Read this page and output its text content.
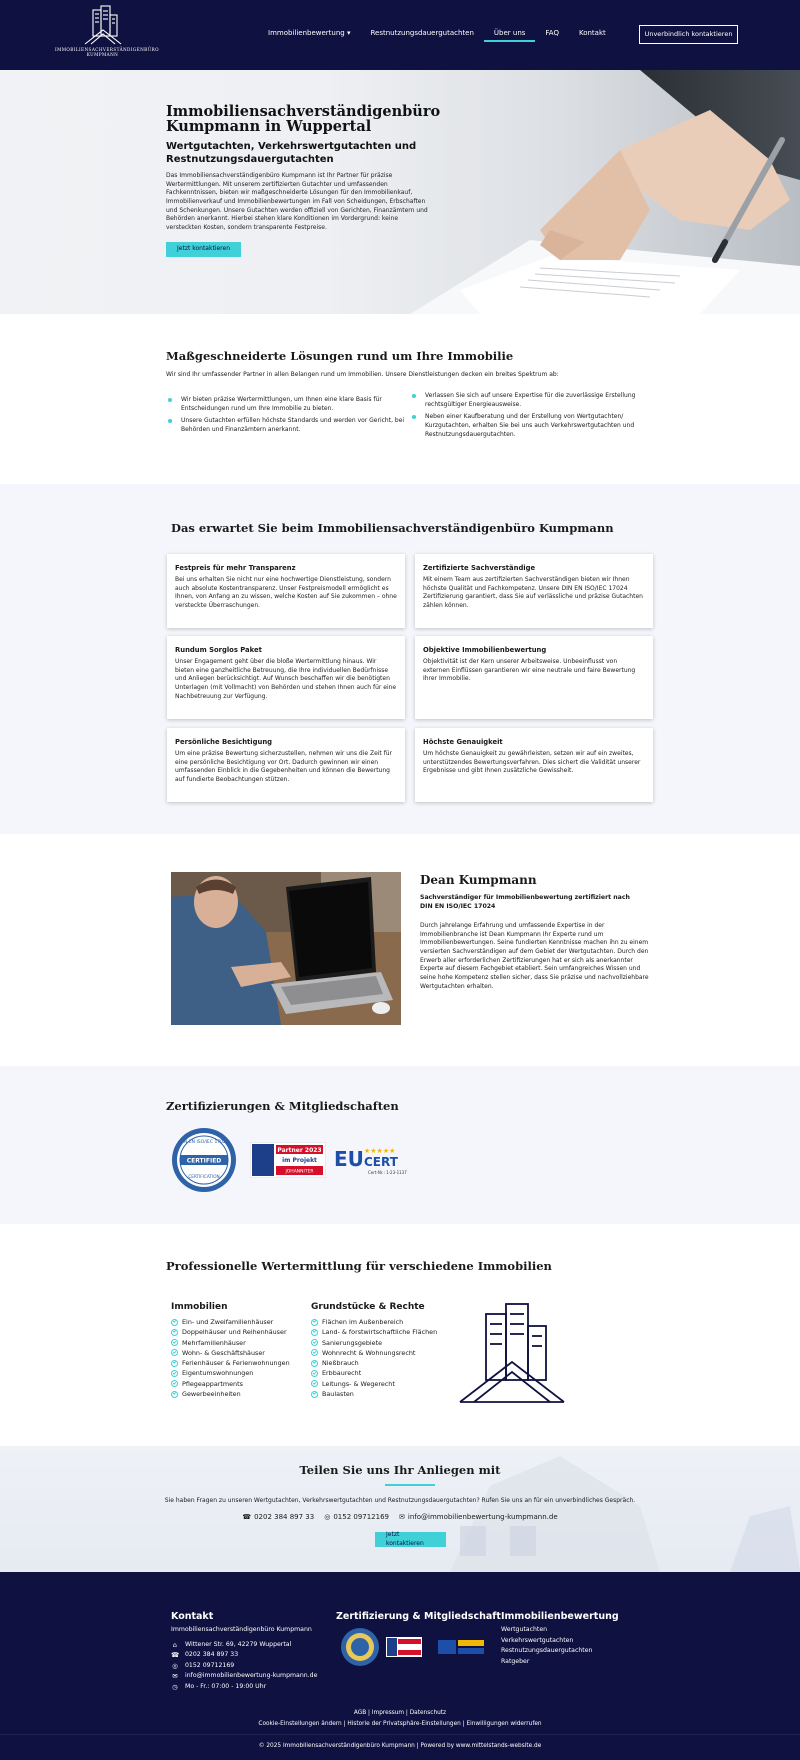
IMMOBILIENSACHVERSTÄNDIGENBÜRO
KUMPMANN
Immobilienbewertung ▾	Restnutzungsdauergutachten	Über uns	FAQ	Kontakt	Unverbindlich kontaktieren
Immobiliensachverständigenbüro Kumpmann in Wuppertal
Wertgutachten, Verkehrswertgutachten und Restnutzungsdauergutachten

Das Immobiliensachverständigenbüro Kumpmann ist Ihr Partner für präzise Wertermittlungen. Mit unserem zertifizierten Gutachter und umfassenden Fachkenntnissen, bieten wir maßgeschneiderte Lösungen für den Immobilienkauf, Immobilienverkauf und Immobilienbewertungen im Fall von Scheidungen, Erbschaften und Schenkungen. Unsere Gutachten werden offiziell von Gerichten, Finanzämtern und Behörden anerkannt. Hierbei stehen klare Konditionen im Vordergrund: keine versteckten Kosten, sondern transparente Festpreise.

Jetzt kontaktieren
Maßgeschneiderte Lösungen rund um Ihre Immobilie
Wir sind Ihr umfassender Partner in allen Belangen rund um Immobilien. Unsere Dienstleistungen decken ein breites Spektrum ab:
Wir bieten präzise Wertermittlungen, um Ihnen eine klare Basis für Entscheidungen rund um Ihre Immobilie zu bieten.
Unsere Gutachten erfüllen höchste Standards und werden vor Gericht, bei Behörden und Finanzämtern anerkannt.
Verlassen Sie sich auf unsere Expertise für die zuverlässige Erstellung rechtsgültiger Energieausweise.
Neben einer Kaufberatung und der Erstellung von Wertgutachten/ Kurzgutachten, erhalten Sie bei uns auch Verkehrswertgutachten und Restnutzungsdauergutachten.
Das erwartet Sie beim Immobiliensachverständigenbüro Kumpmann
Festpreis für mehr Transparenz
Bei uns erhalten Sie nicht nur eine hochwertige Dienstleistung, sondern auch absolute Kostentransparenz. Unser Festpreismodell ermöglicht es Ihnen, von Anfang an zu wissen, welche Kosten auf Sie zukommen – ohne versteckte Überraschungen.
Zertifizierte Sachverständige
Mit einem Team aus zertifizierten Sachverständigen bieten wir Ihnen höchste Qualität und Fachkompetenz. Unsere DIN EN ISO/IEC 17024 Zertifizierung garantiert, dass Sie auf verlässliche und präzise Gutachten zählen können.
Rundum Sorglos Paket
Unser Engagement geht über die bloße Wertermittlung hinaus. Wir bieten eine ganzheitliche Betreuung, die Ihre individuellen Bedürfnisse und Anliegen berücksichtigt. Auf Wunsch beschaffen wir die benötigten Unterlagen (mit Vollmacht) von Behörden und stehen Ihnen auch für eine Nachbetreuung zur Verfügung.
Objektive Immobilienbewertung
Objektivität ist der Kern unserer Arbeitsweise. Unbeeinflusst von externen Einflüssen garantieren wir eine neutrale und faire Bewertung Ihrer Immobilie.
Persönliche Besichtigung
Um eine präzise Bewertung sicherzustellen, nehmen wir uns die Zeit für eine persönliche Besichtigung vor Ort. Dadurch gewinnen wir einen umfassenden Einblick in die Gegebenheiten und können die Bewertung auf fundierte Beobachtungen stützen.
Höchste Genauigkeit
Um höchste Genauigkeit zu gewährleisten, setzen wir auf ein zweites, unterstützendes Bewertungsverfahren. Dies sichert die Validität unserer Ergebnisse und gibt Ihnen zusätzliche Gewissheit.
Dean Kumpmann
Sachverständiger für Immobilienbewertung zertifiziert nach DIN EN ISO/IEC 17024
Durch jahrelange Erfahrung und umfassende Expertise in der Immobilienbranche ist Dean Kumpmann Ihr Experte rund um Immobilienbewertungen. Seine fundierten Kenntnisse machen ihn zu einem versierten Sachverständigen auf dem Gebiet der Wertgutachten. Durch den Erwerb aller erforderlichen Zertifizierungen hat er sich als anerkannter Experte auf diesem Fachgebiet etabliert. Sein umfangreiches Wissen und seine hohe Kompetenz stellen sicher, dass Sie präzise und nachvollziehbare Wertgutachten erhalten.
Zertifizierungen & Mitgliedschaften
DIN EN ISO/IEC 17024
CERTIFIED
CERTIFICATION
Partner 2023
im Projekt
JOHANNITER
EU ★★★★★
CERT
Cert-Nr.: 1-23-1137
Professionelle Wertermittlung für verschiedene Immobilien
Immobilien
Ein- und Zweifamilienhäuser
Doppelhäuser und Reihenhäuser
Mehrfamilienhäuser
Wohn- & Geschäftshäuser
Ferienhäuser & Ferienwohnungen
Eigentumswohnungen
Pflegeappartments
Gewerbeeinheiten
Grundstücke & Rechte
Flächen im Außenbereich
Land- & forstwirtschaftliche Flächen
Sanierungsgebiete
Wohnrecht & Wohnungsrecht
Nießbrauch
Erbbaurecht
Leitungs- & Wegerecht
Baulasten
Teilen Sie uns Ihr Anliegen mit
Sie haben Fragen zu unseren Wertgutachten, Verkehrswertgutachten und Restnutzungsdauergutachten? Rufen Sie uns an für ein unverbindliches Gespräch.
☎ 0202 384 897 33 ◎ 0152 09712169 ✉ info@immobilienbewertung-kumpmann.de
Jetzt kontaktieren
Kontakt
Immobiliensachverständigenbüro Kumpmann
⌂	Wittener Str. 69, 42279 Wuppertal
☎ 0202 384 897 33
◎ 0152 09712169
✉ info@immobilienbewertung-kumpmann.de
◷ Mo - Fr.: 07:00 - 19:00 Uhr
Zertifizierung & Mitgliedschaft Immobilienbewertung
Wertgutachten
Verkehrswertgutachten
Restnutzungsdauergutachten
Ratgeber
AGB | Impressum | Datenschutz
Cookie-Einstellungen ändern | Historie der Privatsphäre-Einstellungen | Einwilligungen widerrufen
© 2025 Immobiliensachverständigenbüro Kumpmann | Powered by www.mittelstands-website.de
